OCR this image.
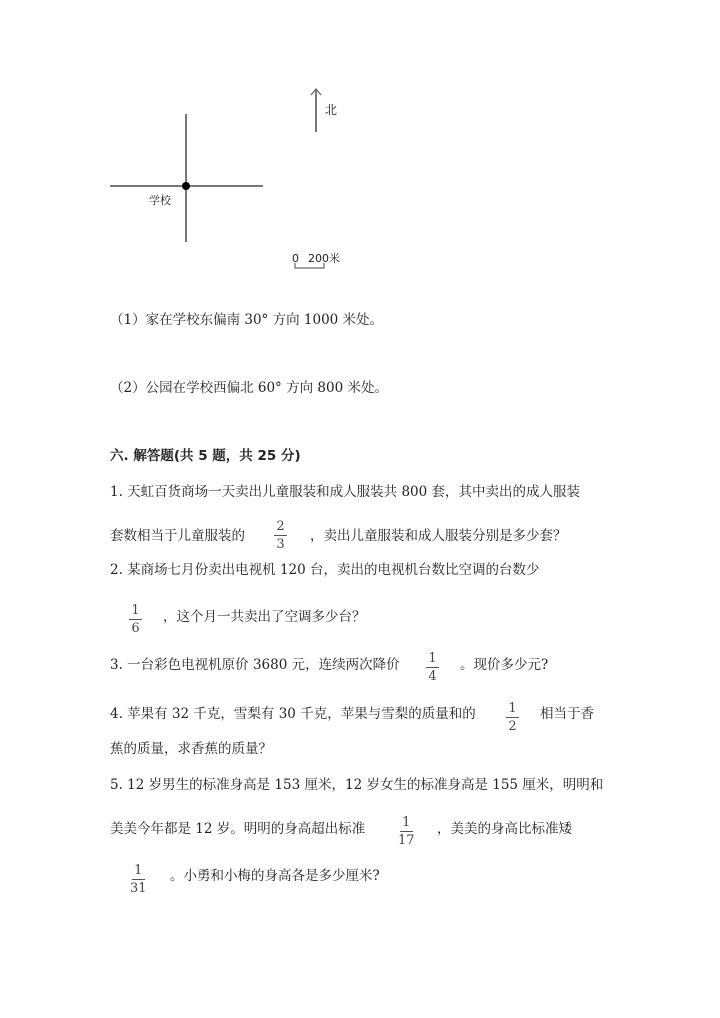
学校
北
0 200米
（1）家在学校东偏南 30° 方向 1000 米处。
（2）公园在学校西偏北 60° 方向 800 米处。
六. 解答题(共 5 题，共 25 分)
1. 天虹百货商场一天卖出儿童服装和成人服装共 800 套，其中卖出的成人服装
套数相当于儿童服装的
2
3
，卖出儿童服装和成人服装分别是多少套？
2. 某商场七月份卖出电视机 120 台，卖出的电视机台数比空调的台数少
1
6
，这个月一共卖出了空调多少台？
3. 一台彩色电视机原价 3680 元，连续两次降价 1
4
。现价多少元?
4. 苹果有 32 千克，雪梨有 30 千克，苹果与雪梨的质量和的	1
2
相当于香
蕉的质量，求香蕉的质量？
5. 12 岁男生的标准身高是 153 厘米，12 岁女生的标准身高是 155 厘米，明明和
美美今年都是 12 岁。明明的身高超出标准	1
17
，美美的身高比标准矮
1
31
。小勇和小梅的身高各是多少厘米?
